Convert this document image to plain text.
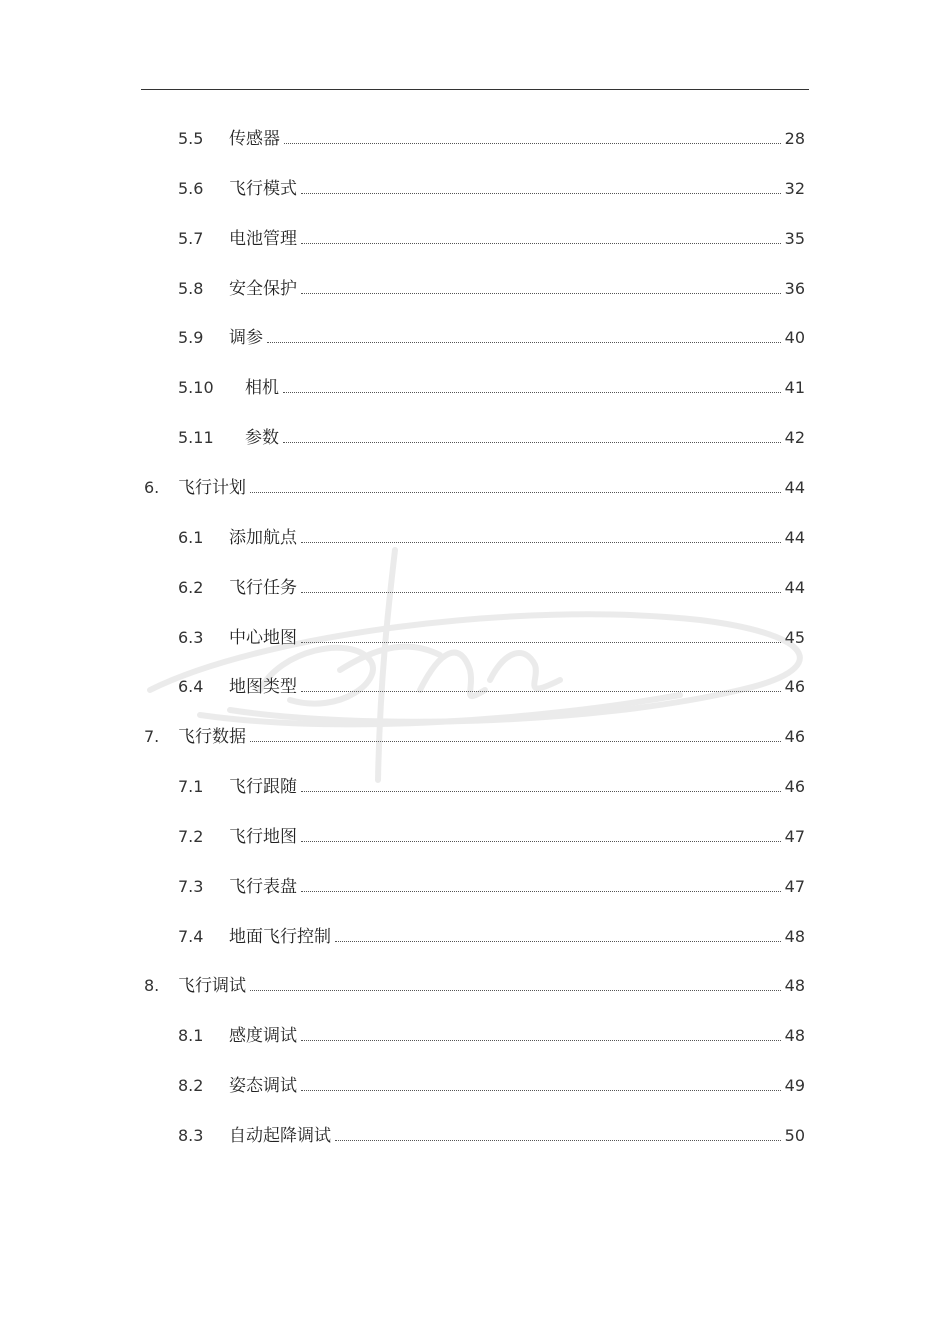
5.5 传感器	28
5.6 飞行模式	32
5.7 电池管理	35
5.8 安全保护	36
5.9 调参	40
5.10 相机	41
5.11 参数	42
6. 飞行计划	44
6.1 添加航点	44
6.2 飞行任务	44
6.3 中心地图	45
6.4 地图类型	46
7. 飞行数据	46
7.1 飞行跟随	46
7.2 飞行地图	47
7.3 飞行表盘	47
7.4 地面飞行控制	48
8. 飞行调试	48
8.1 感度调试	48
8.2 姿态调试	49
8.3 自动起降调试	50
